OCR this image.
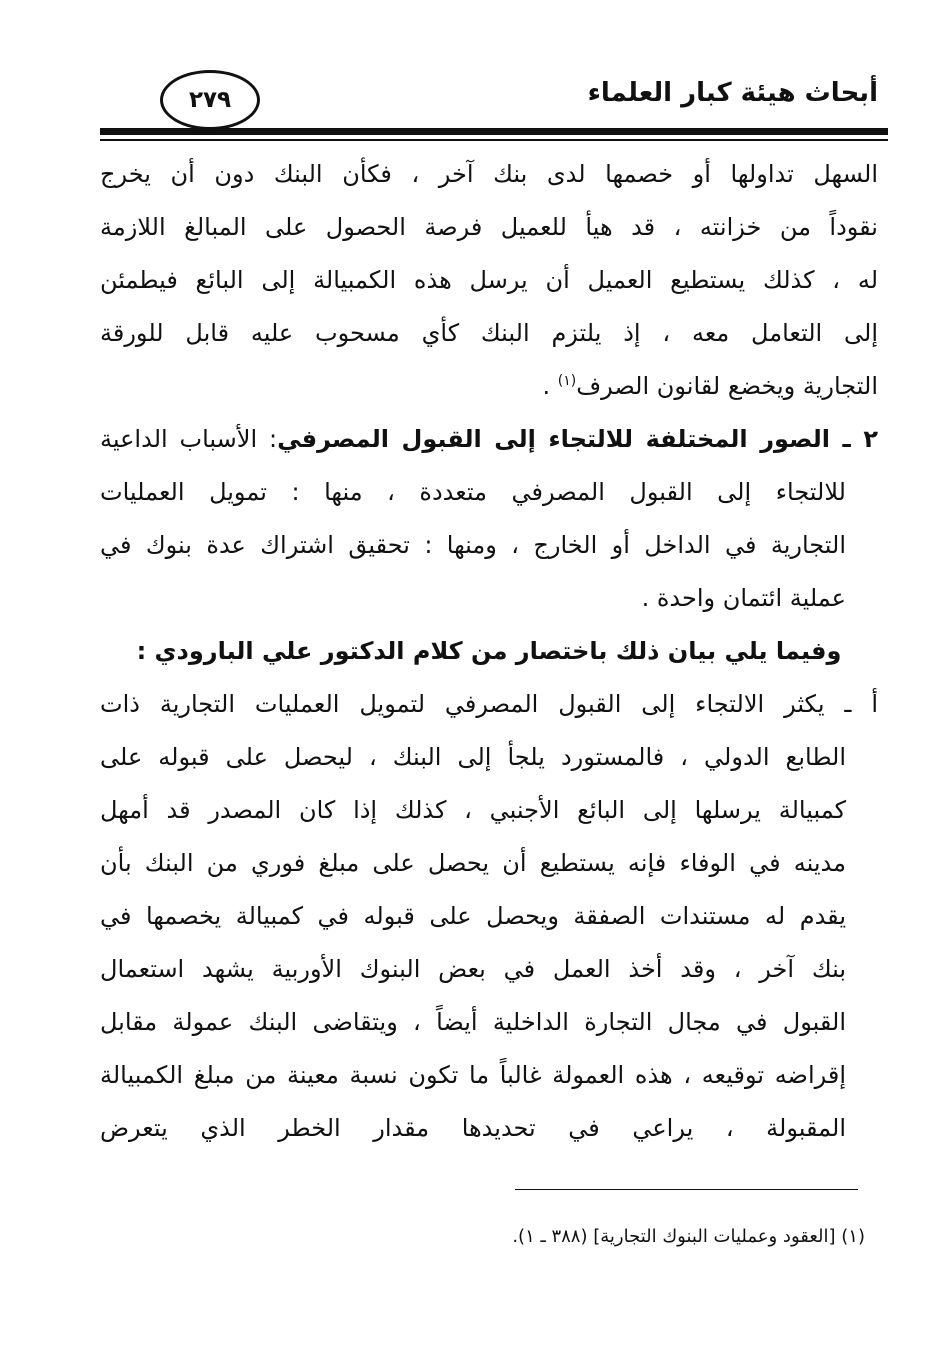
أبحاث هيئة كبار العلماء
٢٧٩
السهل تداولها أو خصمها لدى بنك آخر ، فكأن البنك دون أن يخرج
نقوداً من خزانته ، قد هيأ للعميل فرصة الحصول على المبالغ اللازمة
له ، كذلك يستطيع العميل أن يرسل هذه الكمبيالة إلى البائع فيطمئن
إلى التعامل معه ، إذ يلتزم البنك كأي مسحوب عليه قابل للورقة
التجارية ويخضع لقانون الصرف$^{(١)}$ .
٢ ـ الصور المختلفة للالتجاء إلى القبول المصرفي: الأسباب الداعية
للالتجاء إلى القبول المصرفي متعددة ، منها : تمويل العمليات
التجارية في الداخل أو الخارج ، ومنها : تحقيق اشتراك عدة بنوك في
عملية ائتمان واحدة .
وفيما يلي بيان ذلك باختصار من كلام الدكتور علي البارودي :
أ ـ يكثر الالتجاء إلى القبول المصرفي لتمويل العمليات التجارية ذات
الطابع الدولي ، فالمستورد يلجأ إلى البنك ، ليحصل على قبوله على
كمبيالة يرسلها إلى البائع الأجنبي ، كذلك إذا كان المصدر قد أمهل
مدينه في الوفاء فإنه يستطيع أن يحصل على مبلغ فوري من البنك بأن
يقدم له مستندات الصفقة ويحصل على قبوله في كمبيالة يخصمها في
بنك آخر ، وقد أخذ العمل في بعض البنوك الأوربية يشهد استعمال
القبول في مجال التجارة الداخلية أيضاً ، ويتقاضى البنك عمولة مقابل
إقراضه توقيعه ، هذه العمولة غالباً ما تكون نسبة معينة من مبلغ الكمبيالة
المقبولة ، يراعي في تحديدها مقدار الخطر الذي يتعرض
(١) [العقود وعمليات البنوك التجارية] (٣٨٨ ـ ١).
